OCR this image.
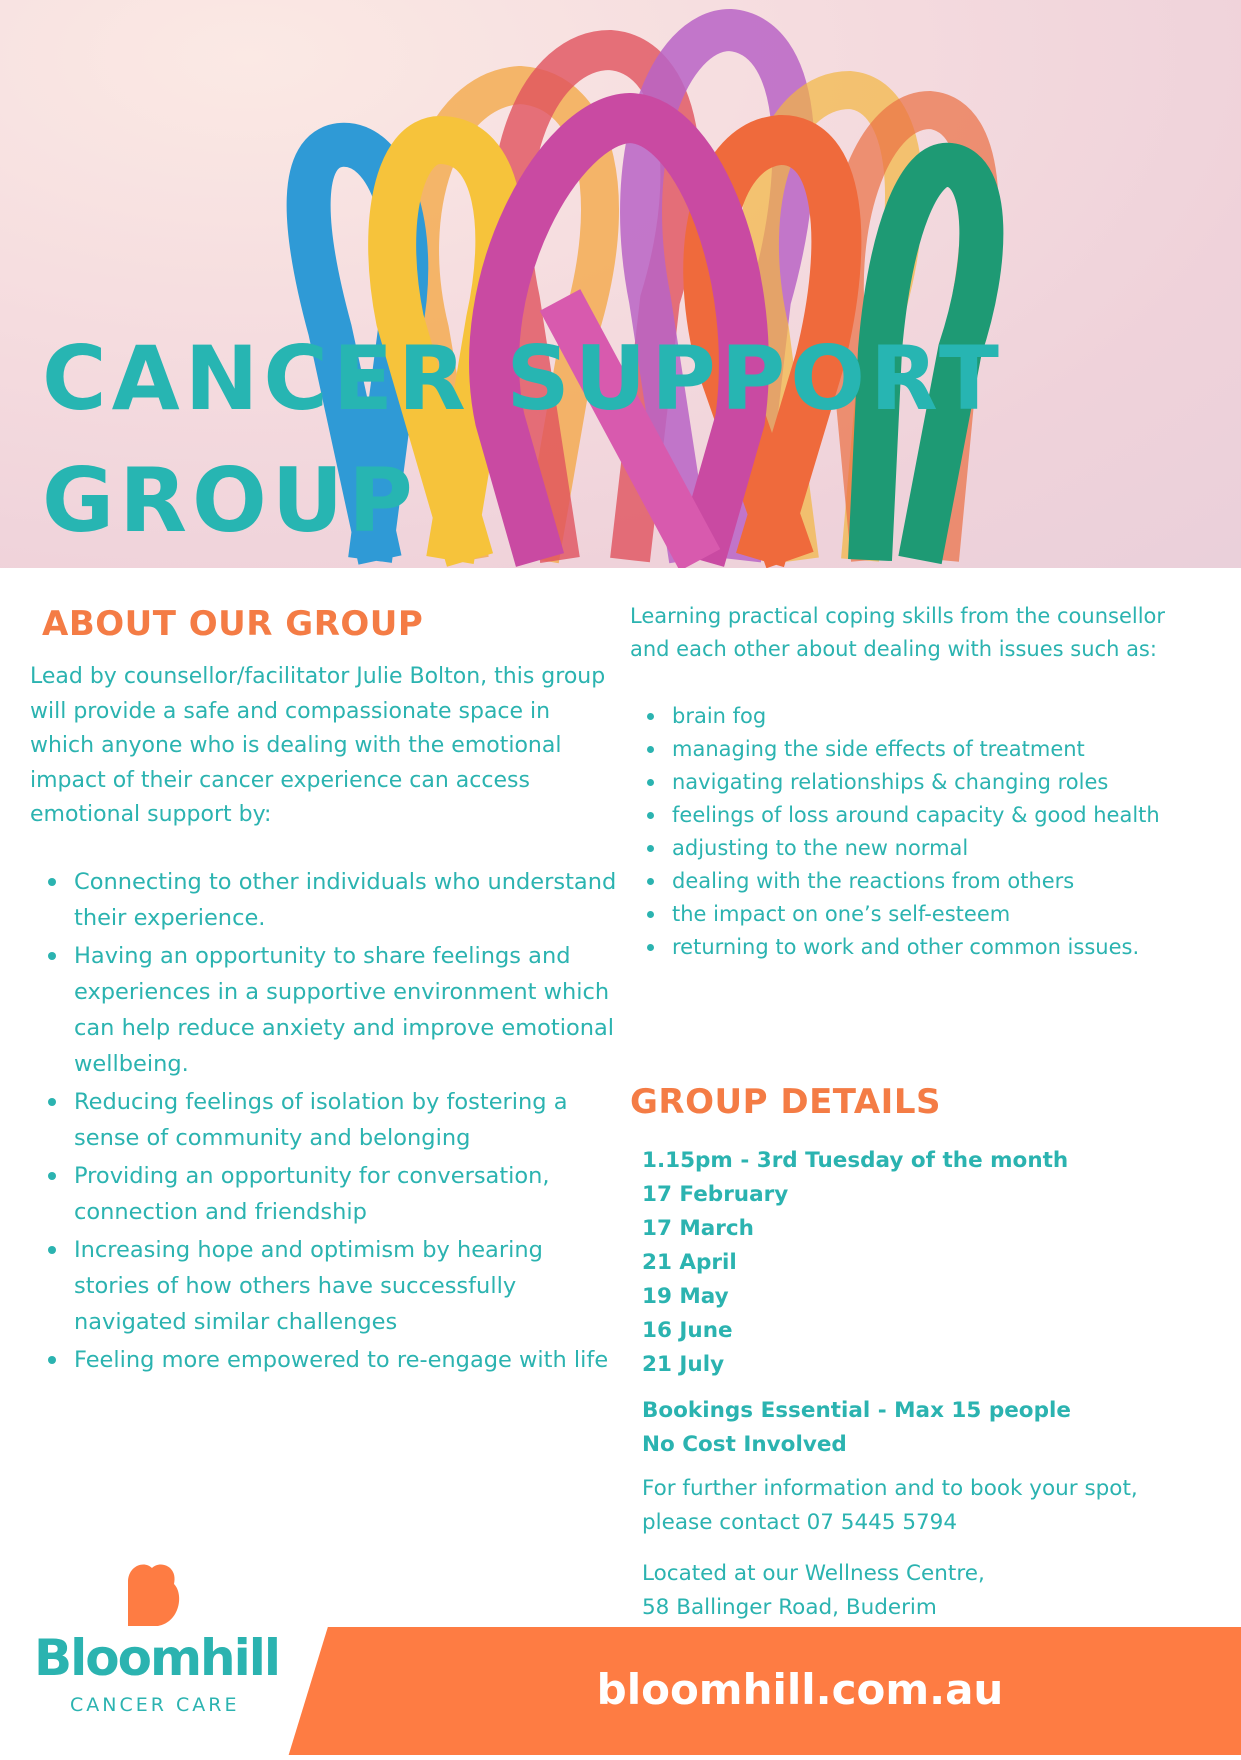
CANCER SUPPORT
GROUP
ABOUT OUR GROUP

Lead by counsellor/facilitator Julie Bolton, this group will provide a safe and compassionate space in which anyone who is dealing with the emotional impact of their cancer experience can access emotional support by:

Connecting to other individuals who understand their experience.
Having an opportunity to share feelings and experiences in a supportive environment which can help reduce anxiety and improve emotional wellbeing.
Reducing feelings of isolation by fostering a sense of community and belonging
Providing an opportunity for conversation, connection and friendship
Increasing hope and optimism by hearing stories of how others have successfully navigated similar challenges
Feeling more empowered to re-engage with life

Learning practical coping skills from the counsellor and each other about dealing with issues such as:

brain fog
managing the side effects of treatment
navigating relationships & changing roles
feelings of loss around capacity & good health
adjusting to the new normal
dealing with the reactions from others
the impact on one’s self-esteem
returning to work and other common issues.
GROUP DETAILS
1.15pm - 3rd Tuesday of the month
17 February
17 March
21 April
19 May
16 June
21 July
Bookings Essential - Max 15 people
No Cost Involved

For further information and to book your spot, please contact 07 5445 5794

Located at our Wellness Centre,
58 Ballinger Road, Buderim
bloomhill.com.au
Bloomhill
CANCER CARE
